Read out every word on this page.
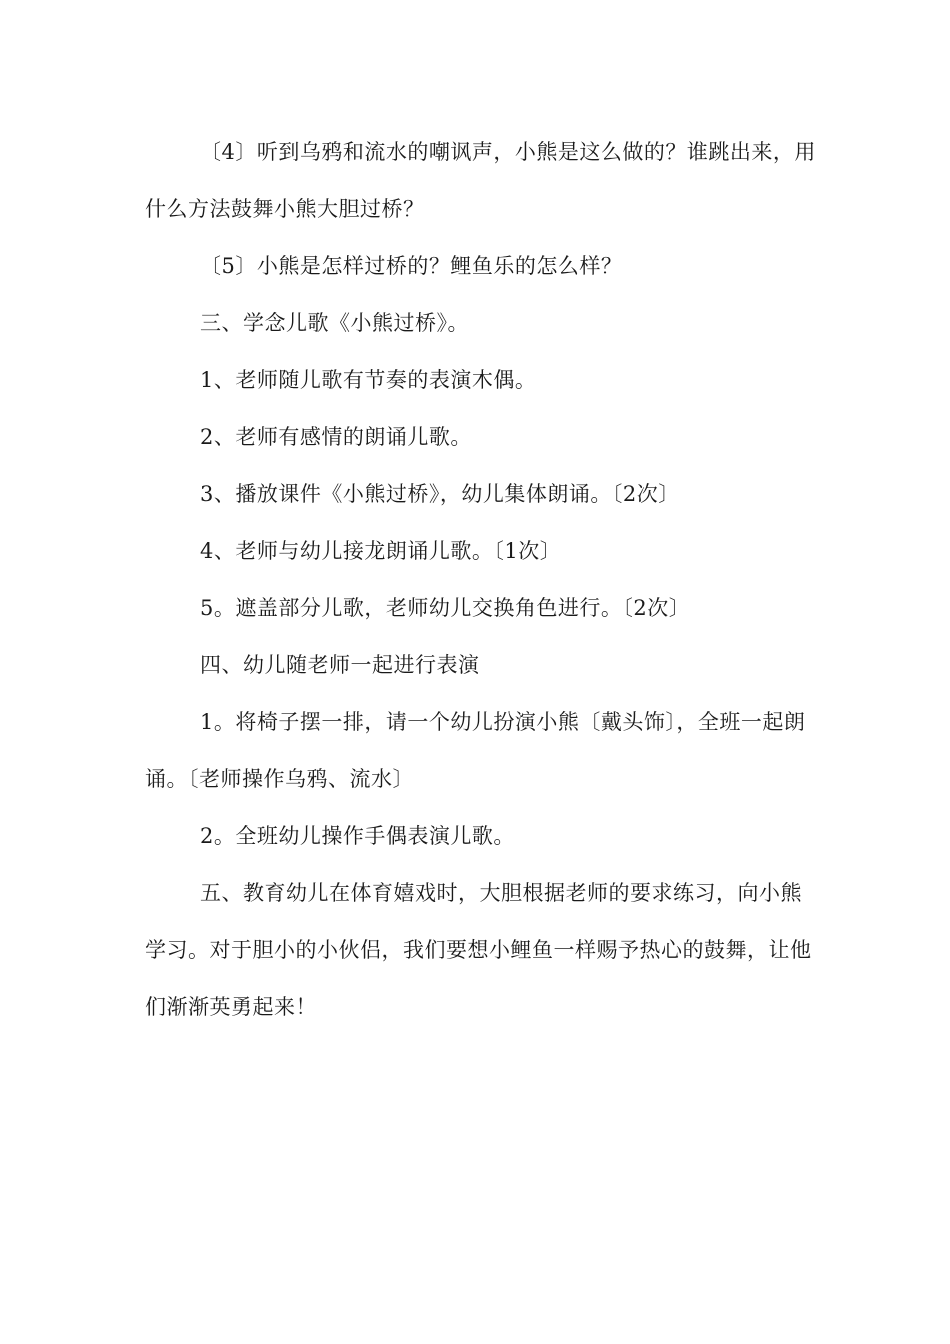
〔4〕听到乌鸦和流水的嘲讽声，小熊是这么做的？谁跳出来，用什么方法鼓舞小熊大胆过桥？

〔5〕小熊是怎样过桥的？鲤鱼乐的怎么样？

三、学念儿歌《小熊过桥》。

1、老师随儿歌有节奏的表演木偶。

2、老师有感情的朗诵儿歌。

3、播放课件《小熊过桥》，幼儿集体朗诵。〔2次〕

4、老师与幼儿接龙朗诵儿歌。〔1次〕

5。遮盖部分儿歌，老师幼儿交换角色进行。〔2次〕

四、幼儿随老师一起进行表演

1。将椅子摆一排，请一个幼儿扮演小熊〔戴头饰〕，全班一起朗诵。〔老师操作乌鸦、流水〕

2。全班幼儿操作手偶表演儿歌。

五、教育幼儿在体育嬉戏时，大胆根据老师的要求练习，向小熊学习。对于胆小的小伙侣，我们要想小鲤鱼一样赐予热心的鼓舞，让他们渐渐英勇起来！
